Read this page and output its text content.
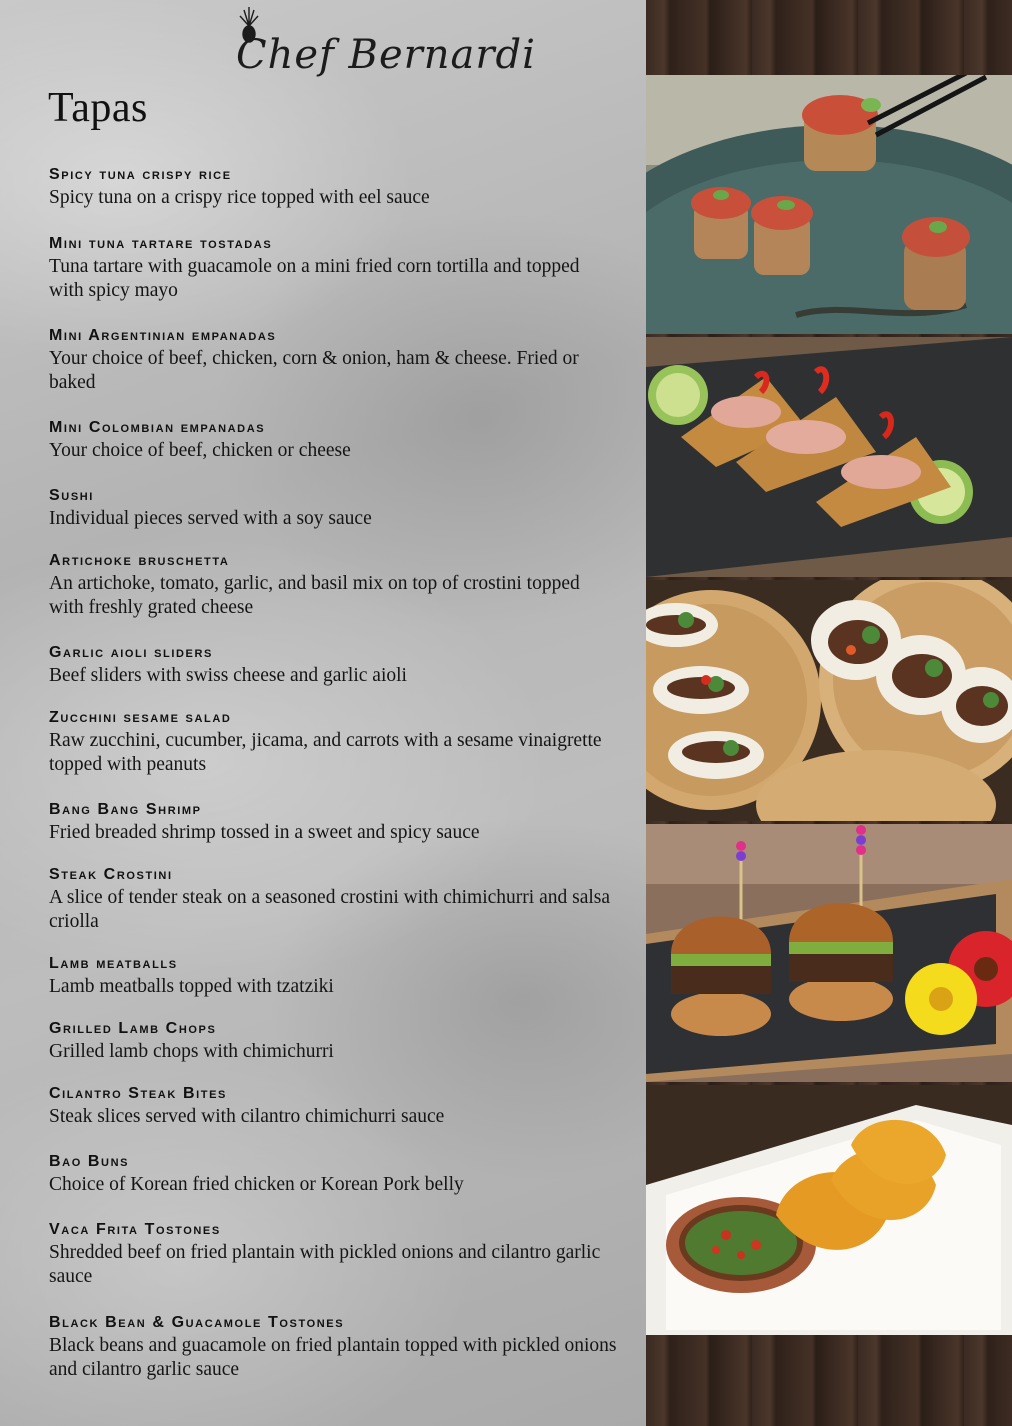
Chef Bernardi
Tapas
Spicy tuna crispy rice
Spicy tuna on a crispy rice topped with eel sauce
Mini tuna tartare tostadas
Tuna tartare with guacamole on a mini fried corn tortilla and topped with spicy mayo
Mini Argentinian empanadas
Your choice of beef, chicken, corn & onion, ham & cheese. Fried or baked
Mini Colombian empanadas
Your choice of beef, chicken or cheese
Sushi
Individual pieces served with a soy sauce
Artichoke bruschetta
An artichoke, tomato, garlic, and basil mix on top of crostini topped with freshly grated cheese
Garlic aioli sliders
Beef sliders with swiss cheese and garlic aioli
Zucchini sesame salad
Raw zucchini, cucumber, jicama, and carrots with a sesame vinaigrette topped with peanuts
Bang Bang Shrimp
Fried breaded shrimp tossed in a sweet and spicy sauce
Steak Crostini
A slice of tender steak on a seasoned crostini with chimichurri and salsa criolla
Lamb meatballs
Lamb meatballs topped with tzatziki
Grilled Lamb Chops
Grilled lamb chops with chimichurri
Cilantro Steak Bites
Steak slices served with cilantro chimichurri sauce
Bao Buns
Choice of Korean fried chicken or Korean Pork belly
Vaca Frita Tostones
Shredded beef on fried plantain with pickled onions and cilantro garlic sauce
Black Bean & Guacamole Tostones
Black beans and guacamole on fried plantain topped with pickled onions and cilantro garlic sauce
